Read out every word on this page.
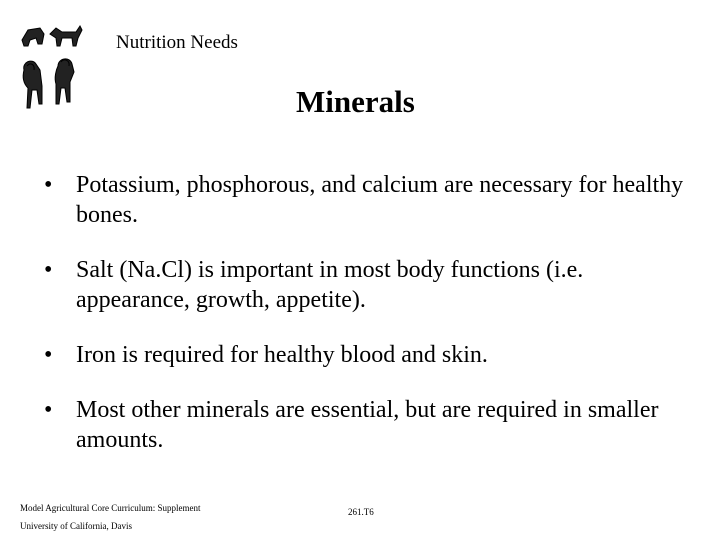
Nutrition Needs
Minerals
• Potassium, phosphorous, and calcium are necessary for healthy bones.
• Salt (Na.Cl) is important in most body functions (i.e. appearance, growth, appetite).
• Iron is required for healthy blood and skin.
• Most other minerals are essential, but are required in smaller amounts.
Model Agricultural Core Curriculum: Supplement
University of California, Davis
261.T6
